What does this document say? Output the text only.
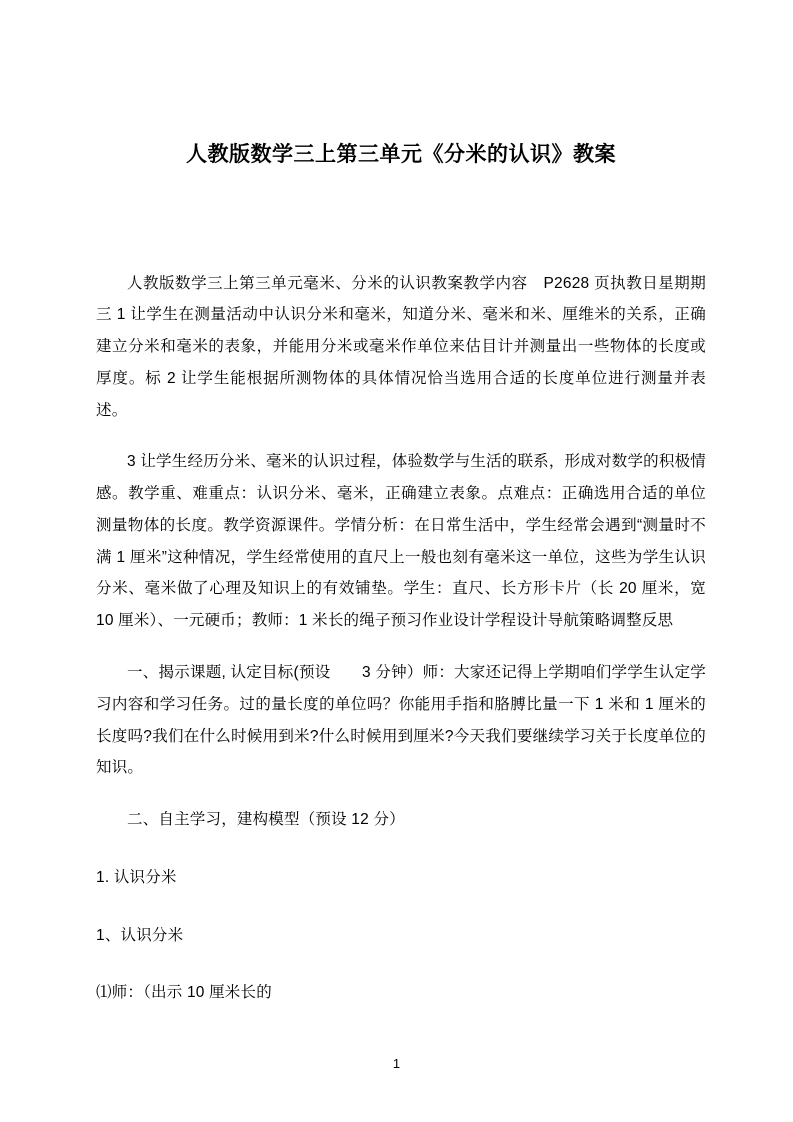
人教版数学三上第三单元《分米的认识》教案

人教版数学三上第三单元毫米、分米的认识教案教学内容　P2628 页执教日星期期三 1 让学生在测量活动中认识分米和毫米，知道分米、毫米和米、厘维米的关系，正确建立分米和毫米的表象，并能用分米或毫米作单位来估目计并测量出一些物体的长度或厚度。标 2 让学生能根据所测物体的具体情况恰当选用合适的长度单位进行测量并表述。

3 让学生经历分米、毫米的认识过程，体验数学与生活的联系，形成对数学的积极情感。教学重、难重点：认识分米、毫米，正确建立表象。点难点：正确选用合适的单位测量物体的长度。教学资源课件。学情分析：在日常生活中，学生经常会遇到“测量时不满 1 厘米”这种情况，学生经常使用的直尺上一般也刻有毫米这一单位，这些为学生认识分米、毫米做了心理及知识上的有效铺垫。学生：直尺、长方形卡片（长 20 厘米，宽 10 厘米）、一元硬币；教师：1 米长的绳子预习作业设计学程设计导航策略调整反思

一、揭示课题, 认定目标(预设　　3 分钟）师：大家还记得上学期咱们学学生认定学习内容和学习任务。过的量长度的单位吗？你能用手指和胳膊比量一下 1 米和 1 厘米的长度吗?我们在什么时候用到米?什么时候用到厘米?今天我们要继续学习关于长度单位的知识。

二、自主学习，建构模型（预设 12 分）

1. 认识分米

1、认识分米

⑴师：（出示 10 厘米长的

1
